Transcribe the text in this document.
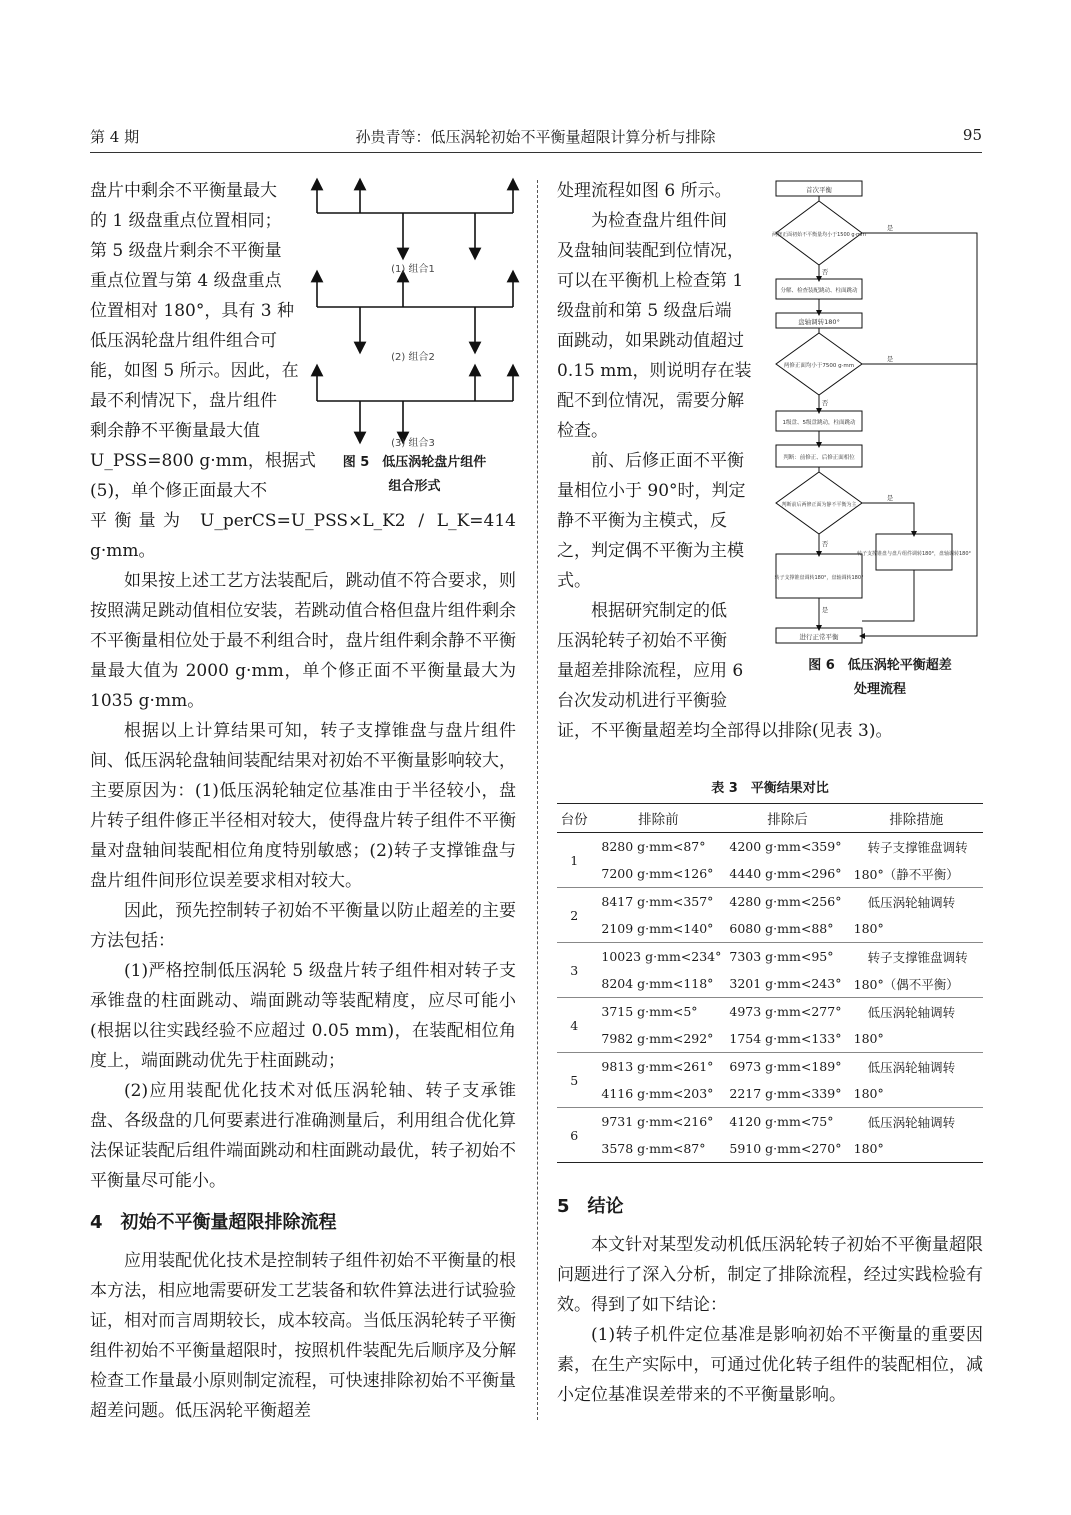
第 4 期	孙贵青等：低压涡轮初始不平衡量超限计算分析与排除	95
盘片中剩余不平衡量最大
的 1 级盘重点位置相同；
第 5 级盘片剩余不平衡量
重点位置与第 4 级盘重点
位置相对 180°，具有 3 种
低压涡轮盘片组件组合可
能，如图 5 所示。因此，在
最不利情况下，盘片组件
剩余静不平衡量最大值
U_PSS=800 g·mm，根据式
(5)，单个修正面最大不
(1) 组合1
(2) 组合2
(3) 组合3
图 5　低压涡轮盘片组件
组合形式

平衡量为 U_perCS=U_PSS×L_K2 / L_K=414 g·mm。

如果按上述工艺方法装配后，跳动值不符合要求，则按照满足跳动值相位安装，若跳动值合格但盘片组件剩余不平衡量相位处于最不利组合时，盘片组件剩余静不平衡量最大值为 2000 g·mm，单个修正面不平衡量最大为 1035 g·mm。

根据以上计算结果可知，转子支撑锥盘与盘片组件间、低压涡轮盘轴间装配结果对初始不平衡量影响较大，主要原因为：(1)低压涡轮轴定位基准由于半径较小，盘片转子组件修正半径相对较大，使得盘片转子组件不平衡量对盘轴间装配相位角度特别敏感；(2)转子支撑锥盘与盘片组件间形位误差要求相对较大。

因此，预先控制转子初始不平衡量以防止超差的主要方法包括：

(1)严格控制低压涡轮 5 级盘片转子组件相对转子支承锥盘的柱面跳动、端面跳动等装配精度，应尽可能小(根据以往实践经验不应超过 0.05 mm)，在装配相位角度上，端面跳动优先于柱面跳动；

(2)应用装配优化技术对低压涡轮轴、转子支承锥盘、各级盘的几何要素进行准确测量后，利用组合优化算法保证装配后组件端面跳动和柱面跳动最优，转子初始不平衡量尽可能小。

4　初始不平衡量超限排除流程

应用装配优化技术是控制转子组件初始不平衡量的根本方法，相应地需要研发工艺装备和软件算法进行试验验证，相对而言周期较长，成本较高。当低压涡轮转子平衡组件初始不平衡量超限时，按照机件装配先后顺序及分解检查工作量最小原则制定流程，可快速排除初始不平衡量超差问题。低压涡轮平衡超差

处理流程如图 6 所示。
为检查盘片组件间
及盘轴间装配到位情况，
可以在平衡机上检查第 1
级盘前和第 5 级盘后端
面跳动，如果跳动值超过
0.15 mm，则说明存在装
配不到位情况，需要分解
检查。
前、后修正面不平衡
量相位小于 90°时，判定
静不平衡为主模式，反
之，判定偶不平衡为主模
式。
根据研究制定的低
压涡轮转子初始不平衡
量超差排除流程，应用 6
台次发动机进行平衡验
首次平衡
两修正面初始不平衡量均小于1500 g·mm
分解、检查装配跳动、柱面跳动
盘轴调转180°
两修正面均小于7500 g·mm
1级盘、5级盘跳动，柱面跳动
判断：前修正、后修正面相位
判断前后两修正面为静不平衡为主
转子支撑锥盘调转180°，盘轴调转180°
转子支撑锥盘与盘片组件调转180°，盘轴调转180°
进行正常平衡
是
否
是
否
是
否
是
图 6　低压涡轮平衡超差
处理流程

证，不平衡量超差均全部得以排除(见表 3)。

表 3　平衡结果对比
台份	排除前	排除后	排除措施
1	8280 g·mm<87°	4200 g·mm<359°	转子支撑锥盘调转
	7200 g·mm<126°	4440 g·mm<296°	180°（静不平衡）
2	8417 g·mm<357°	4280 g·mm<256°	低压涡轮轴调转
	2109 g·mm<140°	6080 g·mm<88°	180°
3	10023 g·mm<234°	7303 g·mm<95°	转子支撑锥盘调转
	8204 g·mm<118°	3201 g·mm<243°	180°（偶不平衡）
4	3715 g·mm<5°	4973 g·mm<277°	低压涡轮轴调转
	7982 g·mm<292°	1754 g·mm<133°	180°
5	9813 g·mm<261°	6973 g·mm<189°	低压涡轮轴调转
	4116 g·mm<203°	2217 g·mm<339°	180°
6	9731 g·mm<216°	4120 g·mm<75°	低压涡轮轴调转
	3578 g·mm<87°	5910 g·mm<270°	180°
5　结论

本文针对某型发动机低压涡轮转子初始不平衡量超限问题进行了深入分析，制定了排除流程，经过实践检验有效。得到了如下结论：

(1)转子机件定位基准是影响初始不平衡量的重要因素，在生产实际中，可通过优化转子组件的装配相位，减小定位基准误差带来的不平衡量影响。
